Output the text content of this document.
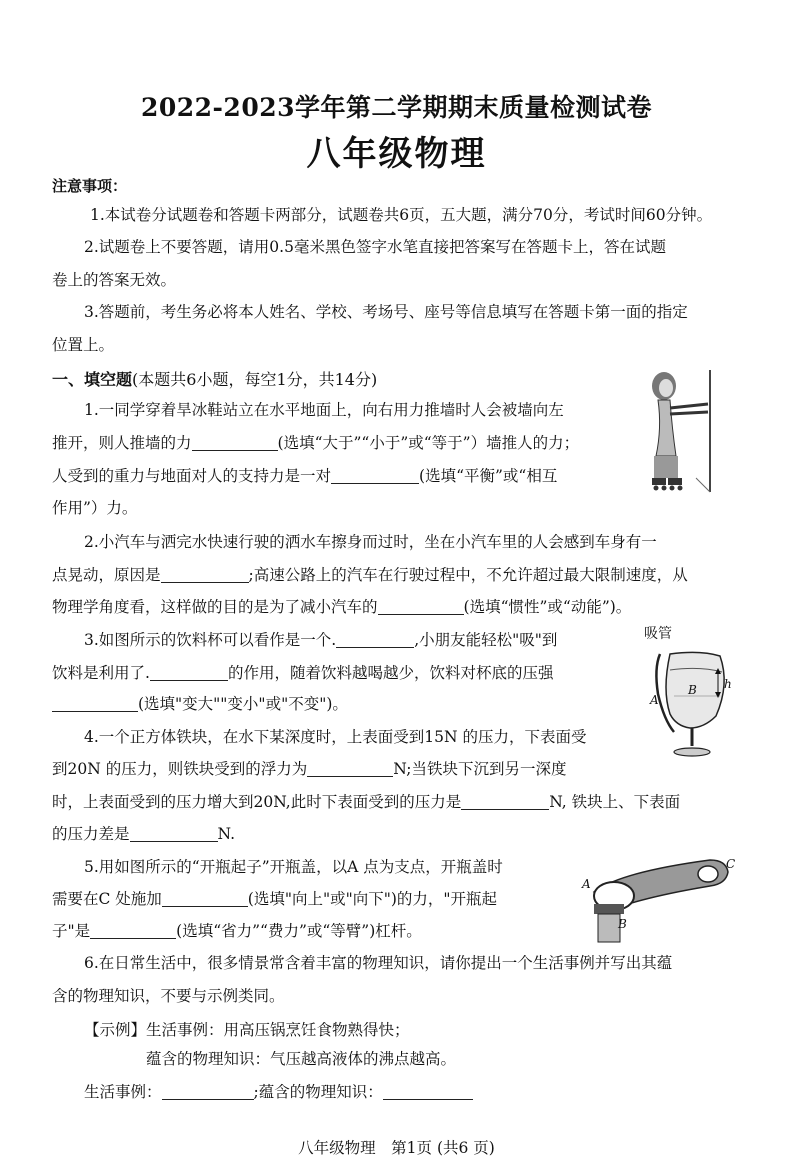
2022-2023学年第二学期期末质量检测试卷
八年级物理
注意事项：
1.本试卷分试题卷和答题卡两部分，试题卷共6页，五大题，满分70分，考试时间60分钟。
2.试题卷上不要答题，请用0.5毫米黑色签字水笔直接把答案写在答题卡上，答在试题
卷上的答案无效。
3.答题前，考生务必将本人姓名、学校、考场号、座号等信息填写在答题卡第一面的指定
位置上。
一、填空题(本题共6小题，每空1分，共14分)
1.一同学穿着旱冰鞋站立在水平地面上，向右用力推墙时人会被墙向左
推开，则人推墙的力	(选填“大于”“小于”或“等于”）墙推人的力；
人受到的重力与地面对人的支持力是一对	(选填“平衡”或“相互
作用”）力。
2.小汽车与洒完水快速行驶的洒水车擦身而过时，坐在小汽车里的人会感到车身有一
点晃动，原因是	;高速公路上的汽车在行驶过程中，不允许超过最大限制速度，从
物理学角度看，这样做的目的是为了减小汽车的	(选填“惯性”或“动能”)。
3.如图所示的饮料杯可以看作是一个.	,小朋友能轻松"吸"到
饮料是利用了.	的作用，随着饮料越喝越少，饮料对杯底的压强
(选填"变大""变小"或"不变")。
吸管
h
B
A
4.一个正方体铁块，在水下某深度时，上表面受到15N 的压力，下表面受
到20N 的压力，则铁块受到的浮力为	N;当铁块下沉到另一深度
时，上表面受到的压力增大到20N,此时下表面受到的压力是	N, 铁块上、下表面
的压力差是	N.
5.用如图所示的“开瓶起子”开瓶盖，以A 点为支点，开瓶盖时
需要在C 处施加	(选填"向上"或"向下")的力，"开瓶起
子"是	(选填“省力”“费力”或“等臂”)杠杆。
C
A
B
6.在日常生活中，很多情景常含着丰富的物理知识，请你提出一个生活事例并写出其蕴
含的物理知识，不要与示例类同。
【示例】生活事例：用高压锅烹饪食物熟得快；
蕴含的物理知识：气压越高液体的沸点越高。
生活事例：	;蕴含的物理知识：
八年级物理　第1页 (共6 页)
